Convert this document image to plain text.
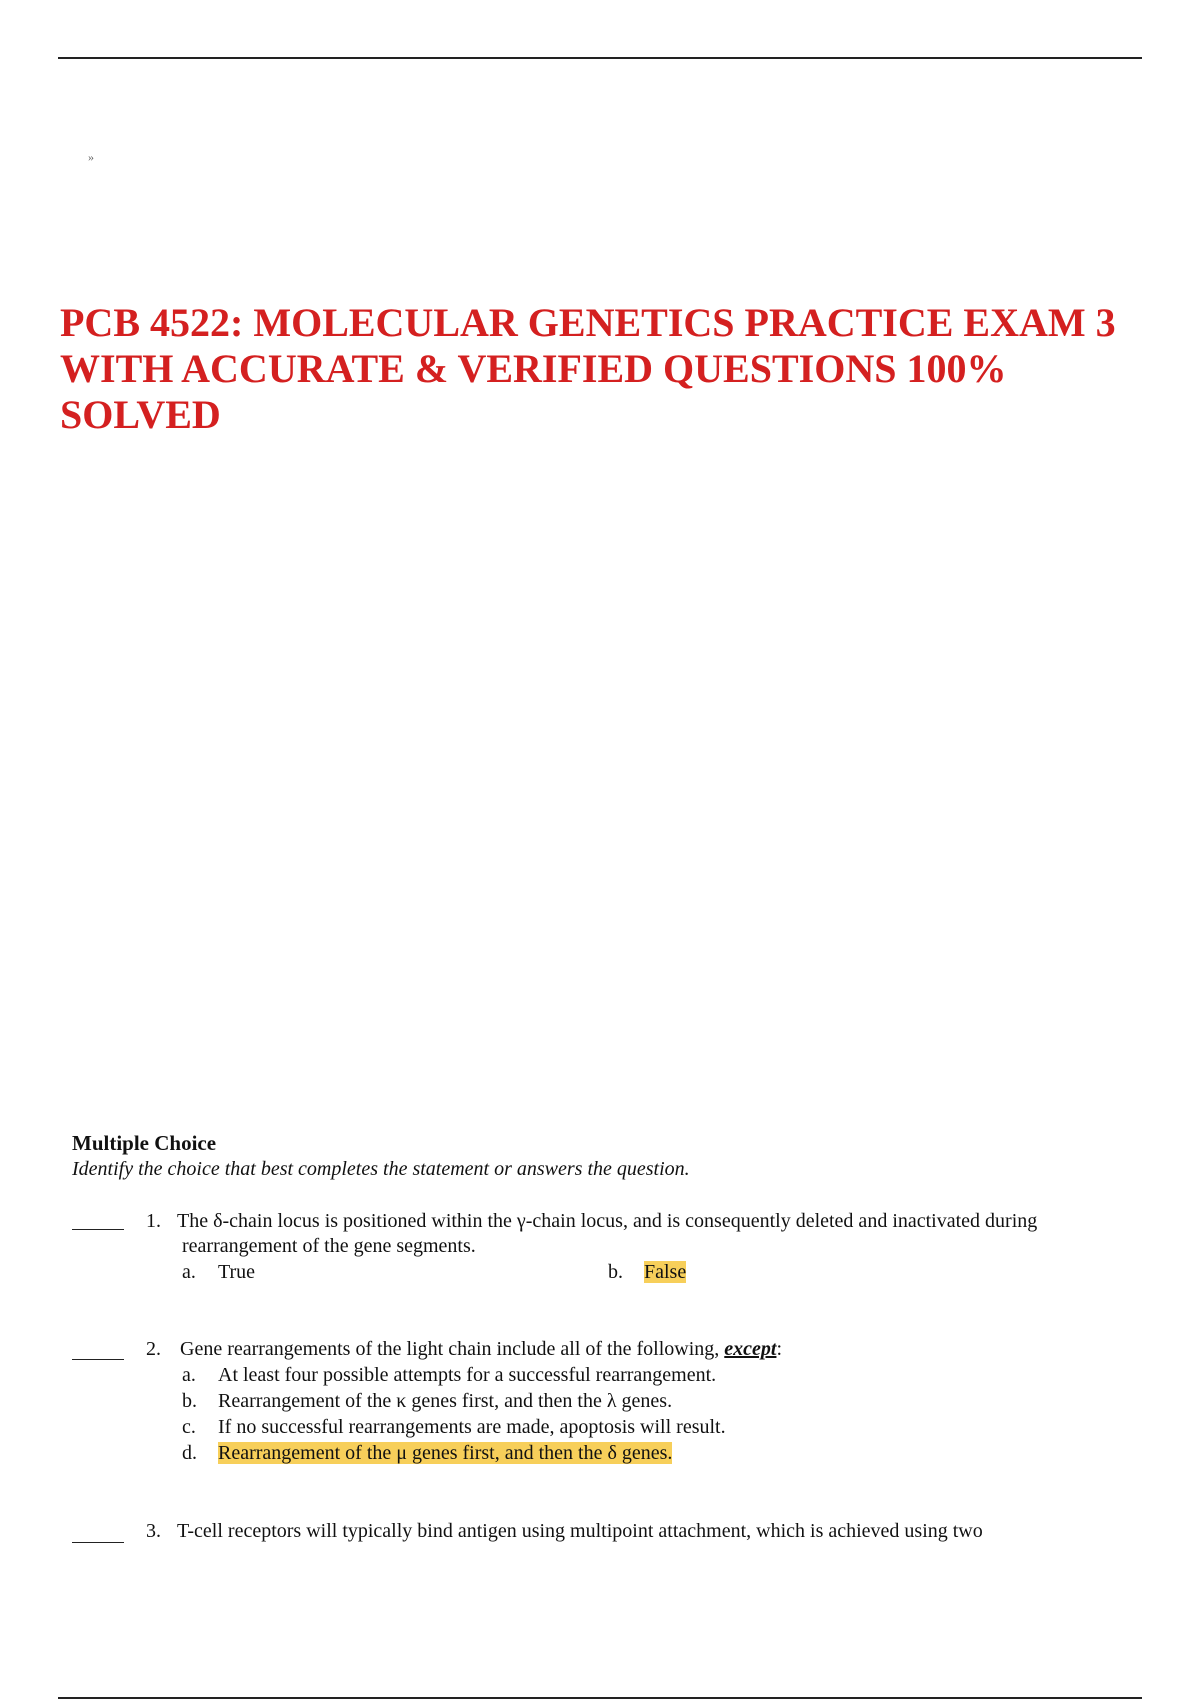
»
PCB 4522: MOLECULAR GENETICS PRACTICE EXAM 3
WITH ACCURATE & VERIFIED QUESTIONS 100%
SOLVED
Multiple Choice
Identify the choice that best completes the statement or answers the question.
1. The δ-chain locus is positioned within the γ-chain locus, and is consequently deleted and inactivated during
rearrangement of the gene segments.
a. True	b. False
2. Gene rearrangements of the light chain include all of the following, except:
a. At least four possible attempts for a successful rearrangement.
b. Rearrangement of the κ genes first, and then the λ genes.
c. If no successful rearrangements are made, apoptosis will result.
d. Rearrangement of the μ genes first, and then the δ genes.
3. T-cell receptors will typically bind antigen using multipoint attachment, which is achieved using two
